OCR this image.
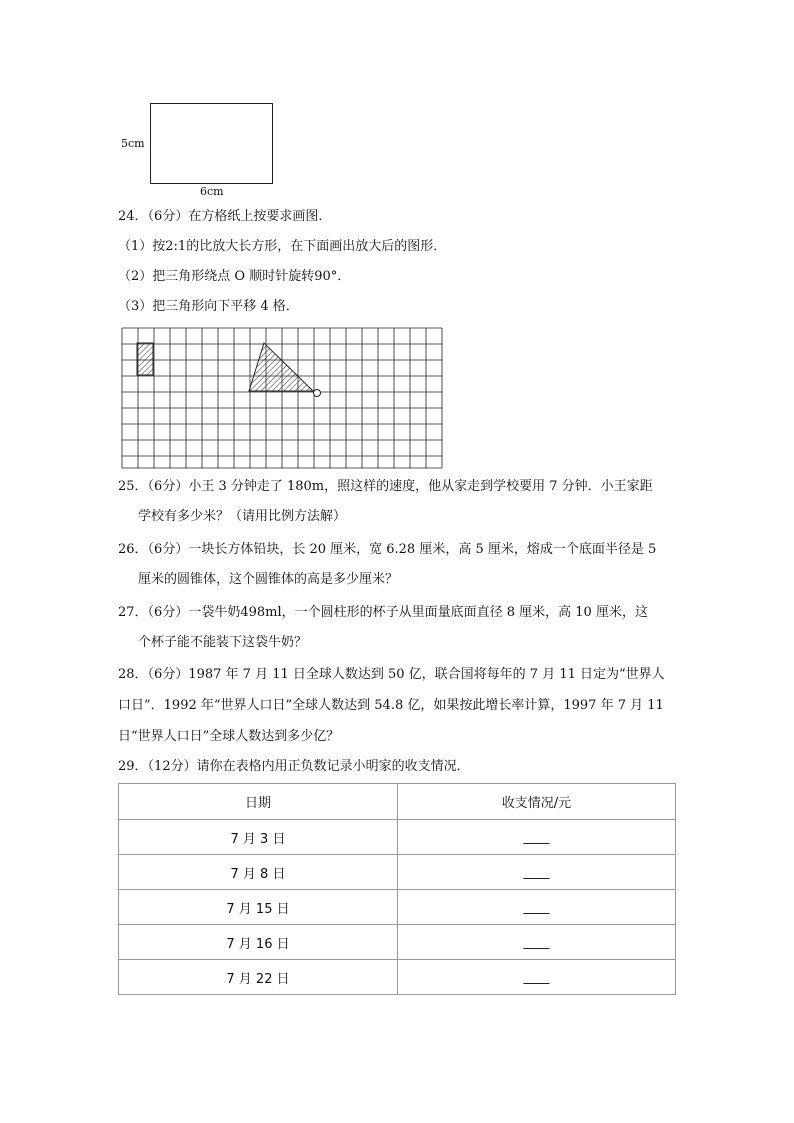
5cm
6cm
24．（6分）在方格纸上按要求画图．
（1）按2:1的比放大长方形，在下面画出放大后的图形．
（2）把三角形绕点 O 顺时针旋转90°．
（3）把三角形向下平移 4 格．
25．（6分）小王 3 分钟走了 180m，照这样的速度，他从家走到学校要用 7 分钟．小王家距
学校有多少米？（请用比例方法解）
26．（6分）一块长方体铅块，长 20 厘米，宽 6.28 厘米，高 5 厘米，熔成一个底面半径是 5
厘米的圆锥体，这个圆锥体的高是多少厘米？
27．（6分）一袋牛奶498ml，一个圆柱形的杯子从里面量底面直径 8 厘米，高 10 厘米，这
个杯子能不能装下这袋牛奶？
28．（6分）1987 年 7 月 11 日全球人数达到 50 亿，联合国将每年的 7 月 11 日定为“世界人
口日”．1992 年“世界人口日”全球人数达到 54.8 亿，如果按此增长率计算，1997 年 7 月 11
日“世界人口日”全球人数达到多少亿？
29．（12分）请你在表格内用正负数记录小明家的收支情况．
日期	收支情况/元
7 月 3 日	____
7 月 8 日	____
7 月 15 日	____
7 月 16 日	____
7 月 22 日	____
